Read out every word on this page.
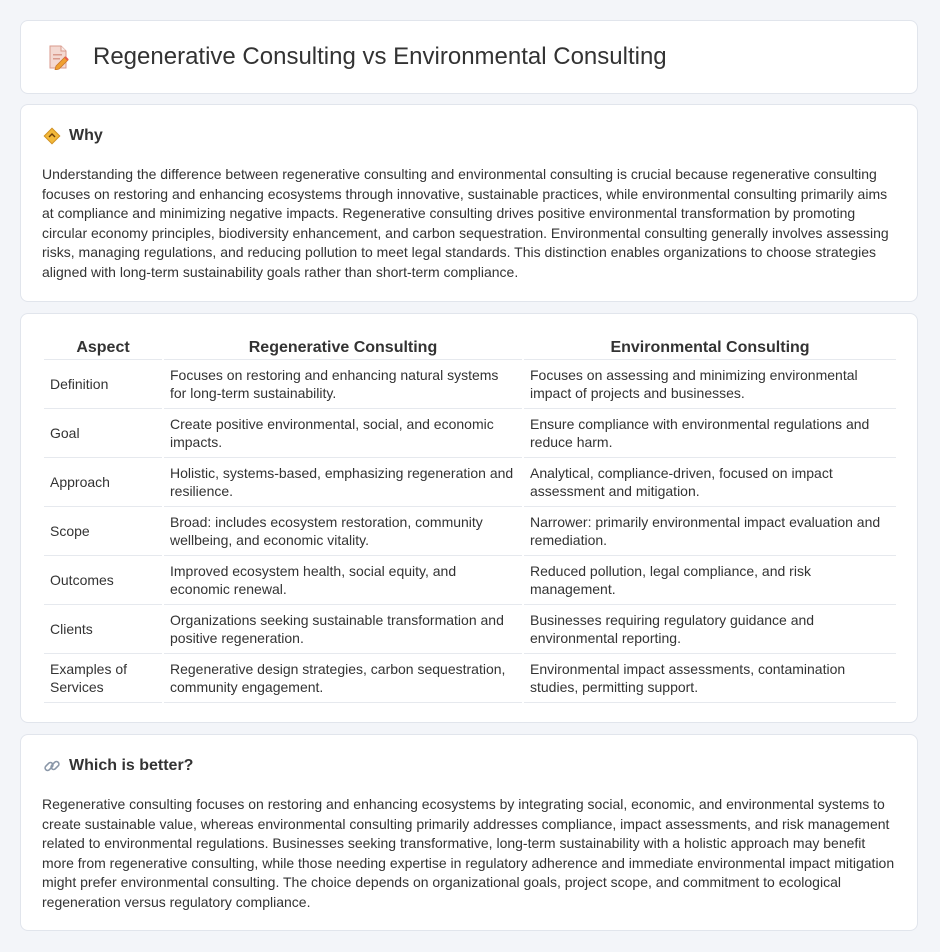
Regenerative Consulting vs Environmental Consulting
Why

Understanding the difference between regenerative consulting and environmental consulting is crucial because regenerative consulting focuses on restoring and enhancing ecosystems through innovative, sustainable practices, while environmental consulting primarily aims at compliance and minimizing negative impacts. Regenerative consulting drives positive environmental transformation by promoting circular economy principles, biodiversity enhancement, and carbon sequestration. Environmental consulting generally involves assessing risks, managing regulations, and reducing pollution to meet legal standards. This distinction enables organizations to choose strategies aligned with long-term sustainability goals rather than short-term compliance.

Aspect	Regenerative Consulting	Environmental Consulting
Definition	Focuses on restoring and enhancing natural systems for long-term sustainability.	Focuses on assessing and minimizing environmental impact of projects and businesses.
Goal	Create positive environmental, social, and economic impacts.	Ensure compliance with environmental regulations and reduce harm.
Approach	Holistic, systems-based, emphasizing regeneration and resilience.	Analytical, compliance-driven, focused on impact assessment and mitigation.
Scope	Broad: includes ecosystem restoration, community wellbeing, and economic vitality.	Narrower: primarily environmental impact evaluation and remediation.
Outcomes	Improved ecosystem health, social equity, and economic renewal.	Reduced pollution, legal compliance, and risk management.
Clients	Organizations seeking sustainable transformation and positive regeneration.	Businesses requiring regulatory guidance and environmental reporting.
Examples of Services	Regenerative design strategies, carbon sequestration, community engagement.	Environmental impact assessments, contamination studies, permitting support.
Which is better?

Regenerative consulting focuses on restoring and enhancing ecosystems by integrating social, economic, and environmental systems to create sustainable value, whereas environmental consulting primarily addresses compliance, impact assessments, and risk management related to environmental regulations. Businesses seeking transformative, long-term sustainability with a holistic approach may benefit more from regenerative consulting, while those needing expertise in regulatory adherence and immediate environmental impact mitigation might prefer environmental consulting. The choice depends on organizational goals, project scope, and commitment to ecological regeneration versus regulatory compliance.
